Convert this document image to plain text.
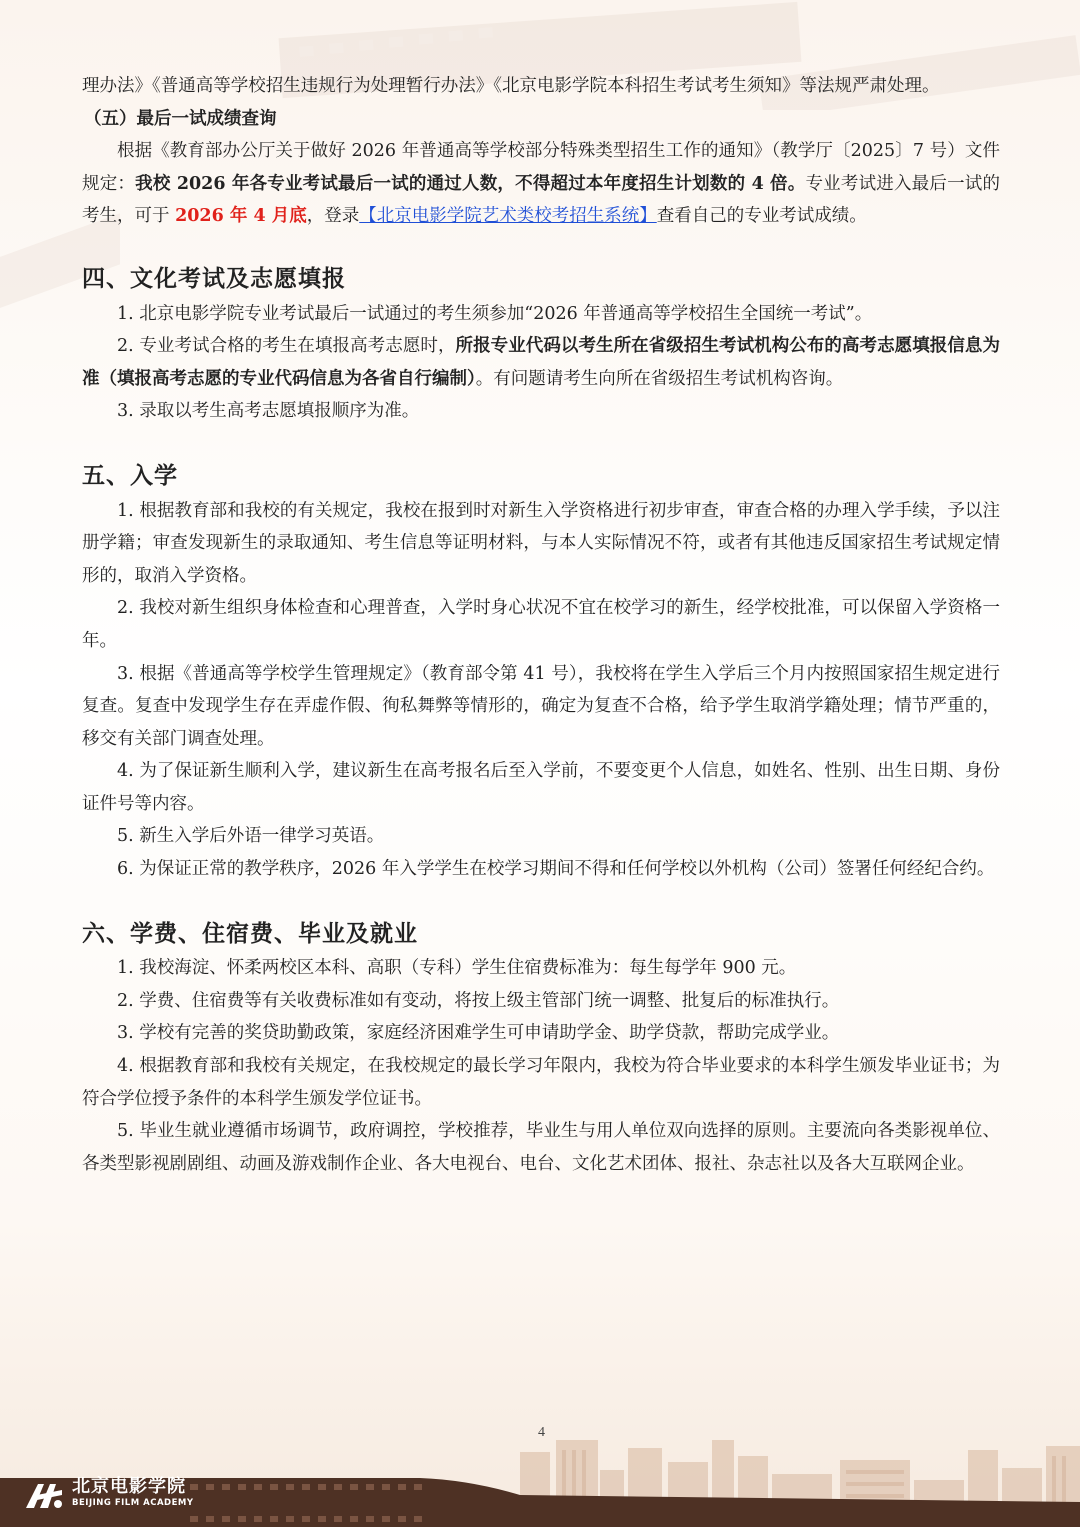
理办法》《普通高等学校招生违规行为处理暂行办法》《北京电影学院本科招生考试考生须知》等法规严肃处理。

（五）最后一试成绩查询

根据《教育部办公厅关于做好 2026 年普通高等学校部分特殊类型招生工作的通知》（教学厅〔2025〕7 号）文件规定：我校 2026 年各专业考试最后一试的通过人数，不得超过本年度招生计划数的 4 倍。专业考试进入最后一试的考生，可于 2026 年 4 月底，登录【北京电影学院艺术类校考招生系统】查看自己的专业考试成绩。

四、文化考试及志愿填报

1. 北京电影学院专业考试最后一试通过的考生须参加“2026 年普通高等学校招生全国统一考试”。

2. 专业考试合格的考生在填报高考志愿时，所报专业代码以考生所在省级招生考试机构公布的高考志愿填报信息为准（填报高考志愿的专业代码信息为各省自行编制）。有问题请考生向所在省级招生考试机构咨询。

3. 录取以考生高考志愿填报顺序为准。

五、入学

1. 根据教育部和我校的有关规定，我校在报到时对新生入学资格进行初步审查，审查合格的办理入学手续，予以注册学籍；审查发现新生的录取通知、考生信息等证明材料，与本人实际情况不符，或者有其他违反国家招生考试规定情形的，取消入学资格。

2. 我校对新生组织身体检查和心理普查，入学时身心状况不宜在校学习的新生，经学校批准，可以保留入学资格一年。

3. 根据《普通高等学校学生管理规定》（教育部令第 41 号），我校将在学生入学后三个月内按照国家招生规定进行复查。复查中发现学生存在弄虚作假、徇私舞弊等情形的，确定为复查不合格，给予学生取消学籍处理；情节严重的，移交有关部门调查处理。

4. 为了保证新生顺利入学，建议新生在高考报名后至入学前，不要变更个人信息，如姓名、性别、出生日期、身份证件号等内容。

5. 新生入学后外语一律学习英语。

6. 为保证正常的教学秩序，2026 年入学学生在校学习期间不得和任何学校以外机构（公司）签署任何经纪合约。

六、学费、住宿费、毕业及就业

1. 我校海淀、怀柔两校区本科、高职（专科）学生住宿费标准为：每生每学年 900 元。

2. 学费、住宿费等有关收费标准如有变动，将按上级主管部门统一调整、批复后的标准执行。

3. 学校有完善的奖贷助勤政策，家庭经济困难学生可申请助学金、助学贷款，帮助完成学业。

4. 根据教育部和我校有关规定，在我校规定的最长学习年限内，我校为符合毕业要求的本科学生颁发毕业证书；为符合学位授予条件的本科学生颁发学位证书。

5. 毕业生就业遵循市场调节，政府调控，学校推荐，毕业生与用人单位双向选择的原则。主要流向各类影视单位、各类型影视剧剧组、动画及游戏制作企业、各大电视台、电台、文化艺术团体、报社、杂志社以及各大互联网企业。

4
北京电影学院
BEIJING FILM ACADEMY
